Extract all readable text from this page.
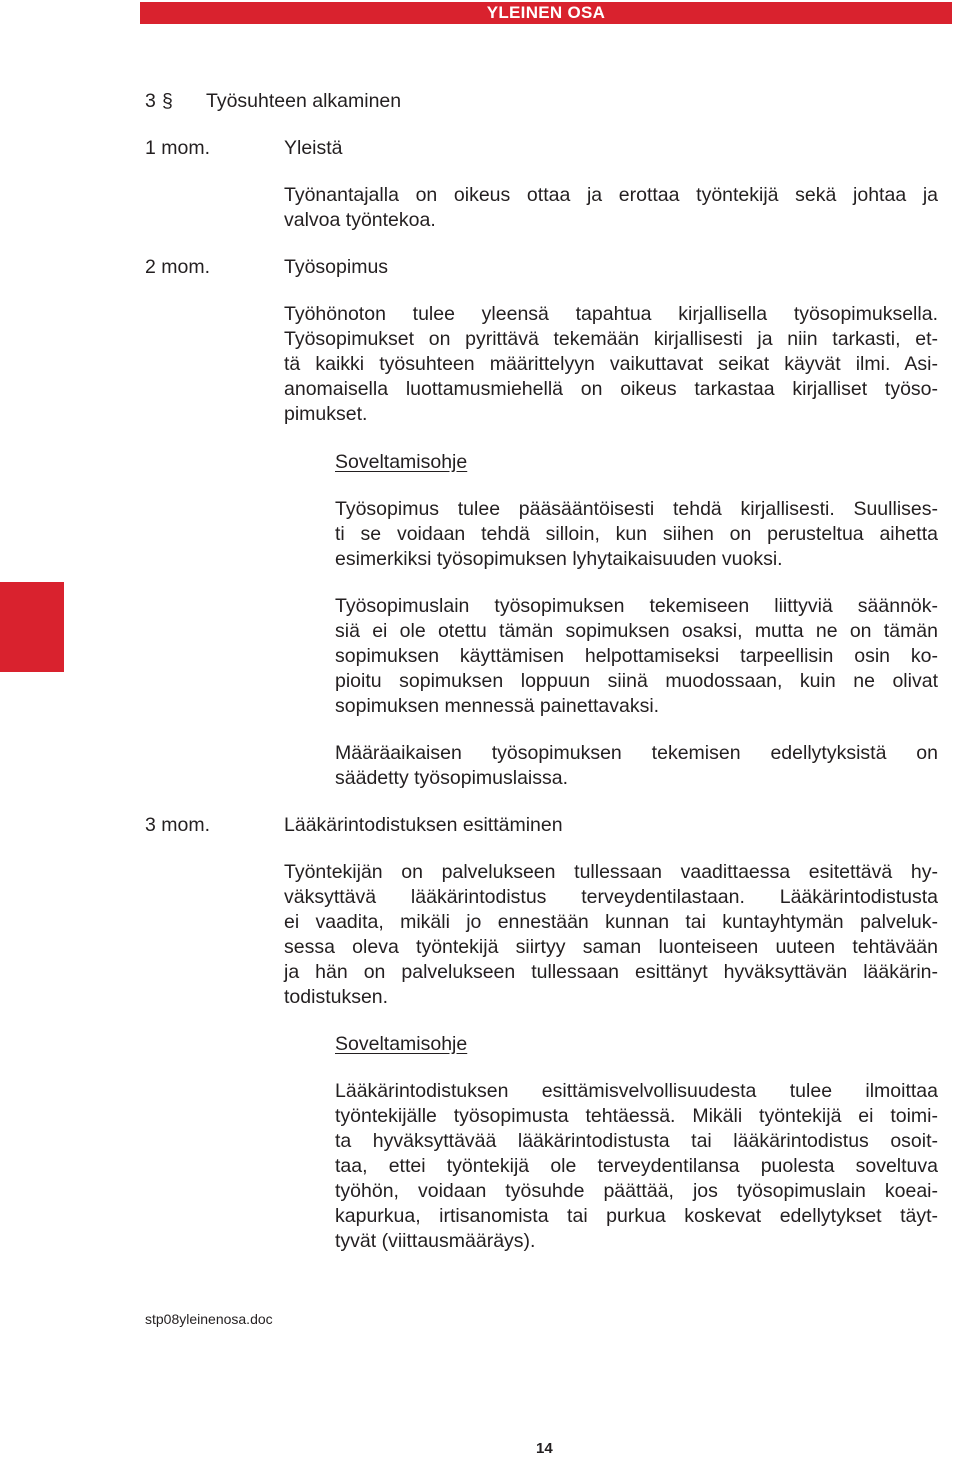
YLEINEN OSA
3 § Työsuhteen alkaminen
1 mom.	Yleistä
Työnantajalla on oikeus ottaa ja erottaa työntekijä sekä johtaa ja
valvoa työntekoa.
2 mom.	Työsopimus
Työhönoton tulee yleensä tapahtua kirjallisella työsopimuksella.
Työsopimukset on pyrittävä tekemään kirjallisesti ja niin tarkasti, et-
tä kaikki työsuhteen määrittelyyn vaikuttavat seikat käyvät ilmi. Asi-
anomaisella luottamusmiehellä on oikeus tarkastaa kirjalliset työso-
pimukset.
Soveltamisohje
Työsopimus tulee pääsääntöisesti tehdä kirjallisesti. Suullises-
ti se voidaan tehdä silloin, kun siihen on perusteltua aihetta
esimerkiksi työsopimuksen lyhytaikaisuuden vuoksi.
Työsopimuslain työsopimuksen tekemiseen liittyviä säännök-
siä ei ole otettu tämän sopimuksen osaksi, mutta ne on tämän
sopimuksen käyttämisen helpottamiseksi tarpeellisin osin ko-
pioitu sopimuksen loppuun siinä muodossaan, kuin ne olivat
sopimuksen mennessä painettavaksi.
Määräaikaisen työsopimuksen tekemisen edellytyksistä on
säädetty työsopimuslaissa.
3 mom.	Lääkärintodistuksen esittäminen
Työntekijän on palvelukseen tullessaan vaadittaessa esitettävä hy-
väksyttävä lääkärintodistus terveydentilastaan. Lääkärintodistusta
ei vaadita, mikäli jo ennestään kunnan tai kuntayhtymän palveluk-
sessa oleva työntekijä siirtyy saman luonteiseen uuteen tehtävään
ja hän on palvelukseen tullessaan esittänyt hyväksyttävän lääkärin-
todistuksen.
Soveltamisohje
Lääkärintodistuksen esittämisvelvollisuudesta tulee ilmoittaa
työntekijälle työsopimusta tehtäessä. Mikäli työntekijä ei toimi-
ta hyväksyttävää lääkärintodistusta tai lääkärintodistus osoit-
taa, ettei työntekijä ole terveydentilansa puolesta soveltuva
työhön, voidaan työsuhde päättää, jos työsopimuslain koeai-
kapurkua, irtisanomista tai purkua koskevat edellytykset täyt-
tyvät (viittausmääräys).
stp08yleinenosa.doc
14
